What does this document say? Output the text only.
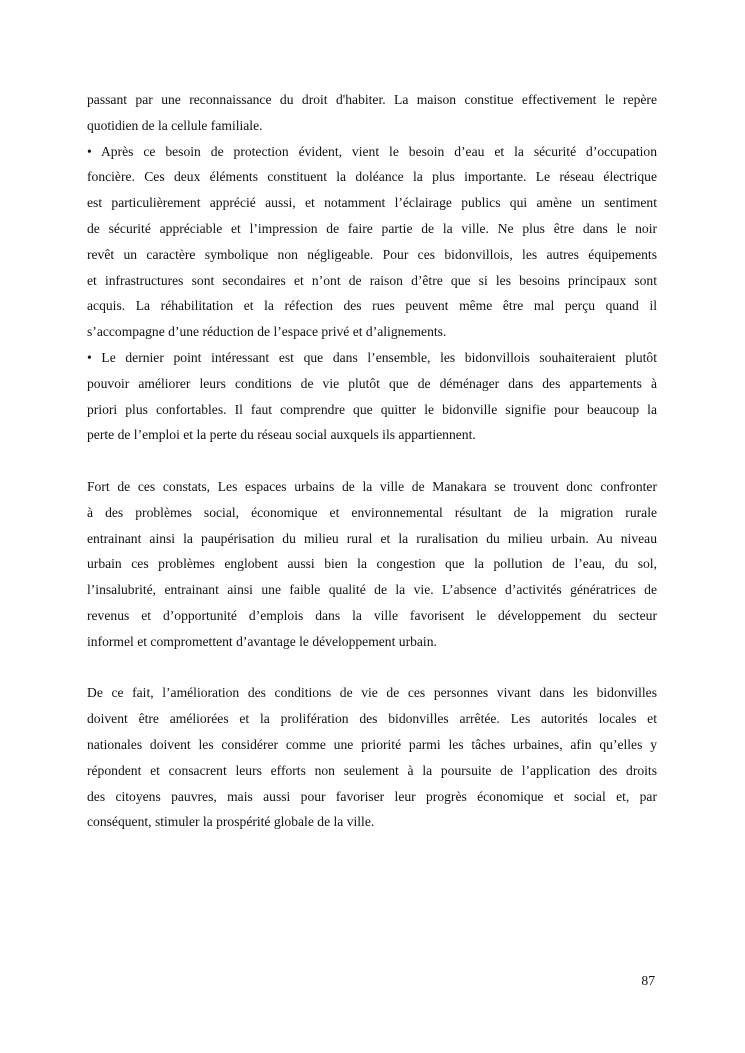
passant par une reconnaissance du droit d'habiter. La maison constitue effectivement le repère
quotidien de la cellule familiale.
• Après ce besoin de protection évident, vient le besoin d’eau et la sécurité d’occupation
foncière. Ces deux éléments constituent la doléance la plus importante. Le réseau électrique
est particulièrement apprécié aussi, et notamment l’éclairage publics qui amène un sentiment
de sécurité appréciable et l’impression de faire partie de la ville. Ne plus être dans le noir
revêt un caractère symbolique non négligeable. Pour ces bidonvillois, les autres équipements
et infrastructures sont secondaires et n’ont de raison d’être que si les besoins principaux sont
acquis. La réhabilitation et la réfection des rues peuvent même être mal perçu quand il
s’accompagne d’une réduction de l’espace privé et d’alignements.
• Le dernier point intéressant est que dans l’ensemble, les bidonvillois souhaiteraient plutôt
pouvoir améliorer leurs conditions de vie plutôt que de déménager dans des appartements à
priori plus confortables. Il faut comprendre que quitter le bidonville signifie pour beaucoup la
perte de l’emploi et la perte du réseau social auxquels ils appartiennent.
Fort de ces constats, Les espaces urbains de la ville de Manakara se trouvent donc confronter
à des problèmes social, économique et environnemental résultant de la migration rurale
entrainant ainsi la paupérisation du milieu rural et la ruralisation du milieu urbain. Au niveau
urbain ces problèmes englobent aussi bien la congestion que la pollution de l’eau, du sol,
l’insalubrité, entrainant ainsi une faible qualité de la vie. L’absence d’activités génératrices de
revenus et d’opportunité d’emplois dans la ville favorisent le développement du secteur
informel et compromettent d’avantage le développement urbain.
De ce fait, l’amélioration des conditions de vie de ces personnes vivant dans les bidonvilles
doivent être améliorées et la prolifération des bidonvilles arrêtée. Les autorités locales et
nationales doivent les considérer comme une priorité parmi les tâches urbaines, afin qu’elles y
répondent et consacrent leurs efforts non seulement à la poursuite de l’application des droits
des citoyens pauvres, mais aussi pour favoriser leur progrès économique et social et, par
conséquent, stimuler la prospérité globale de la ville.
87
